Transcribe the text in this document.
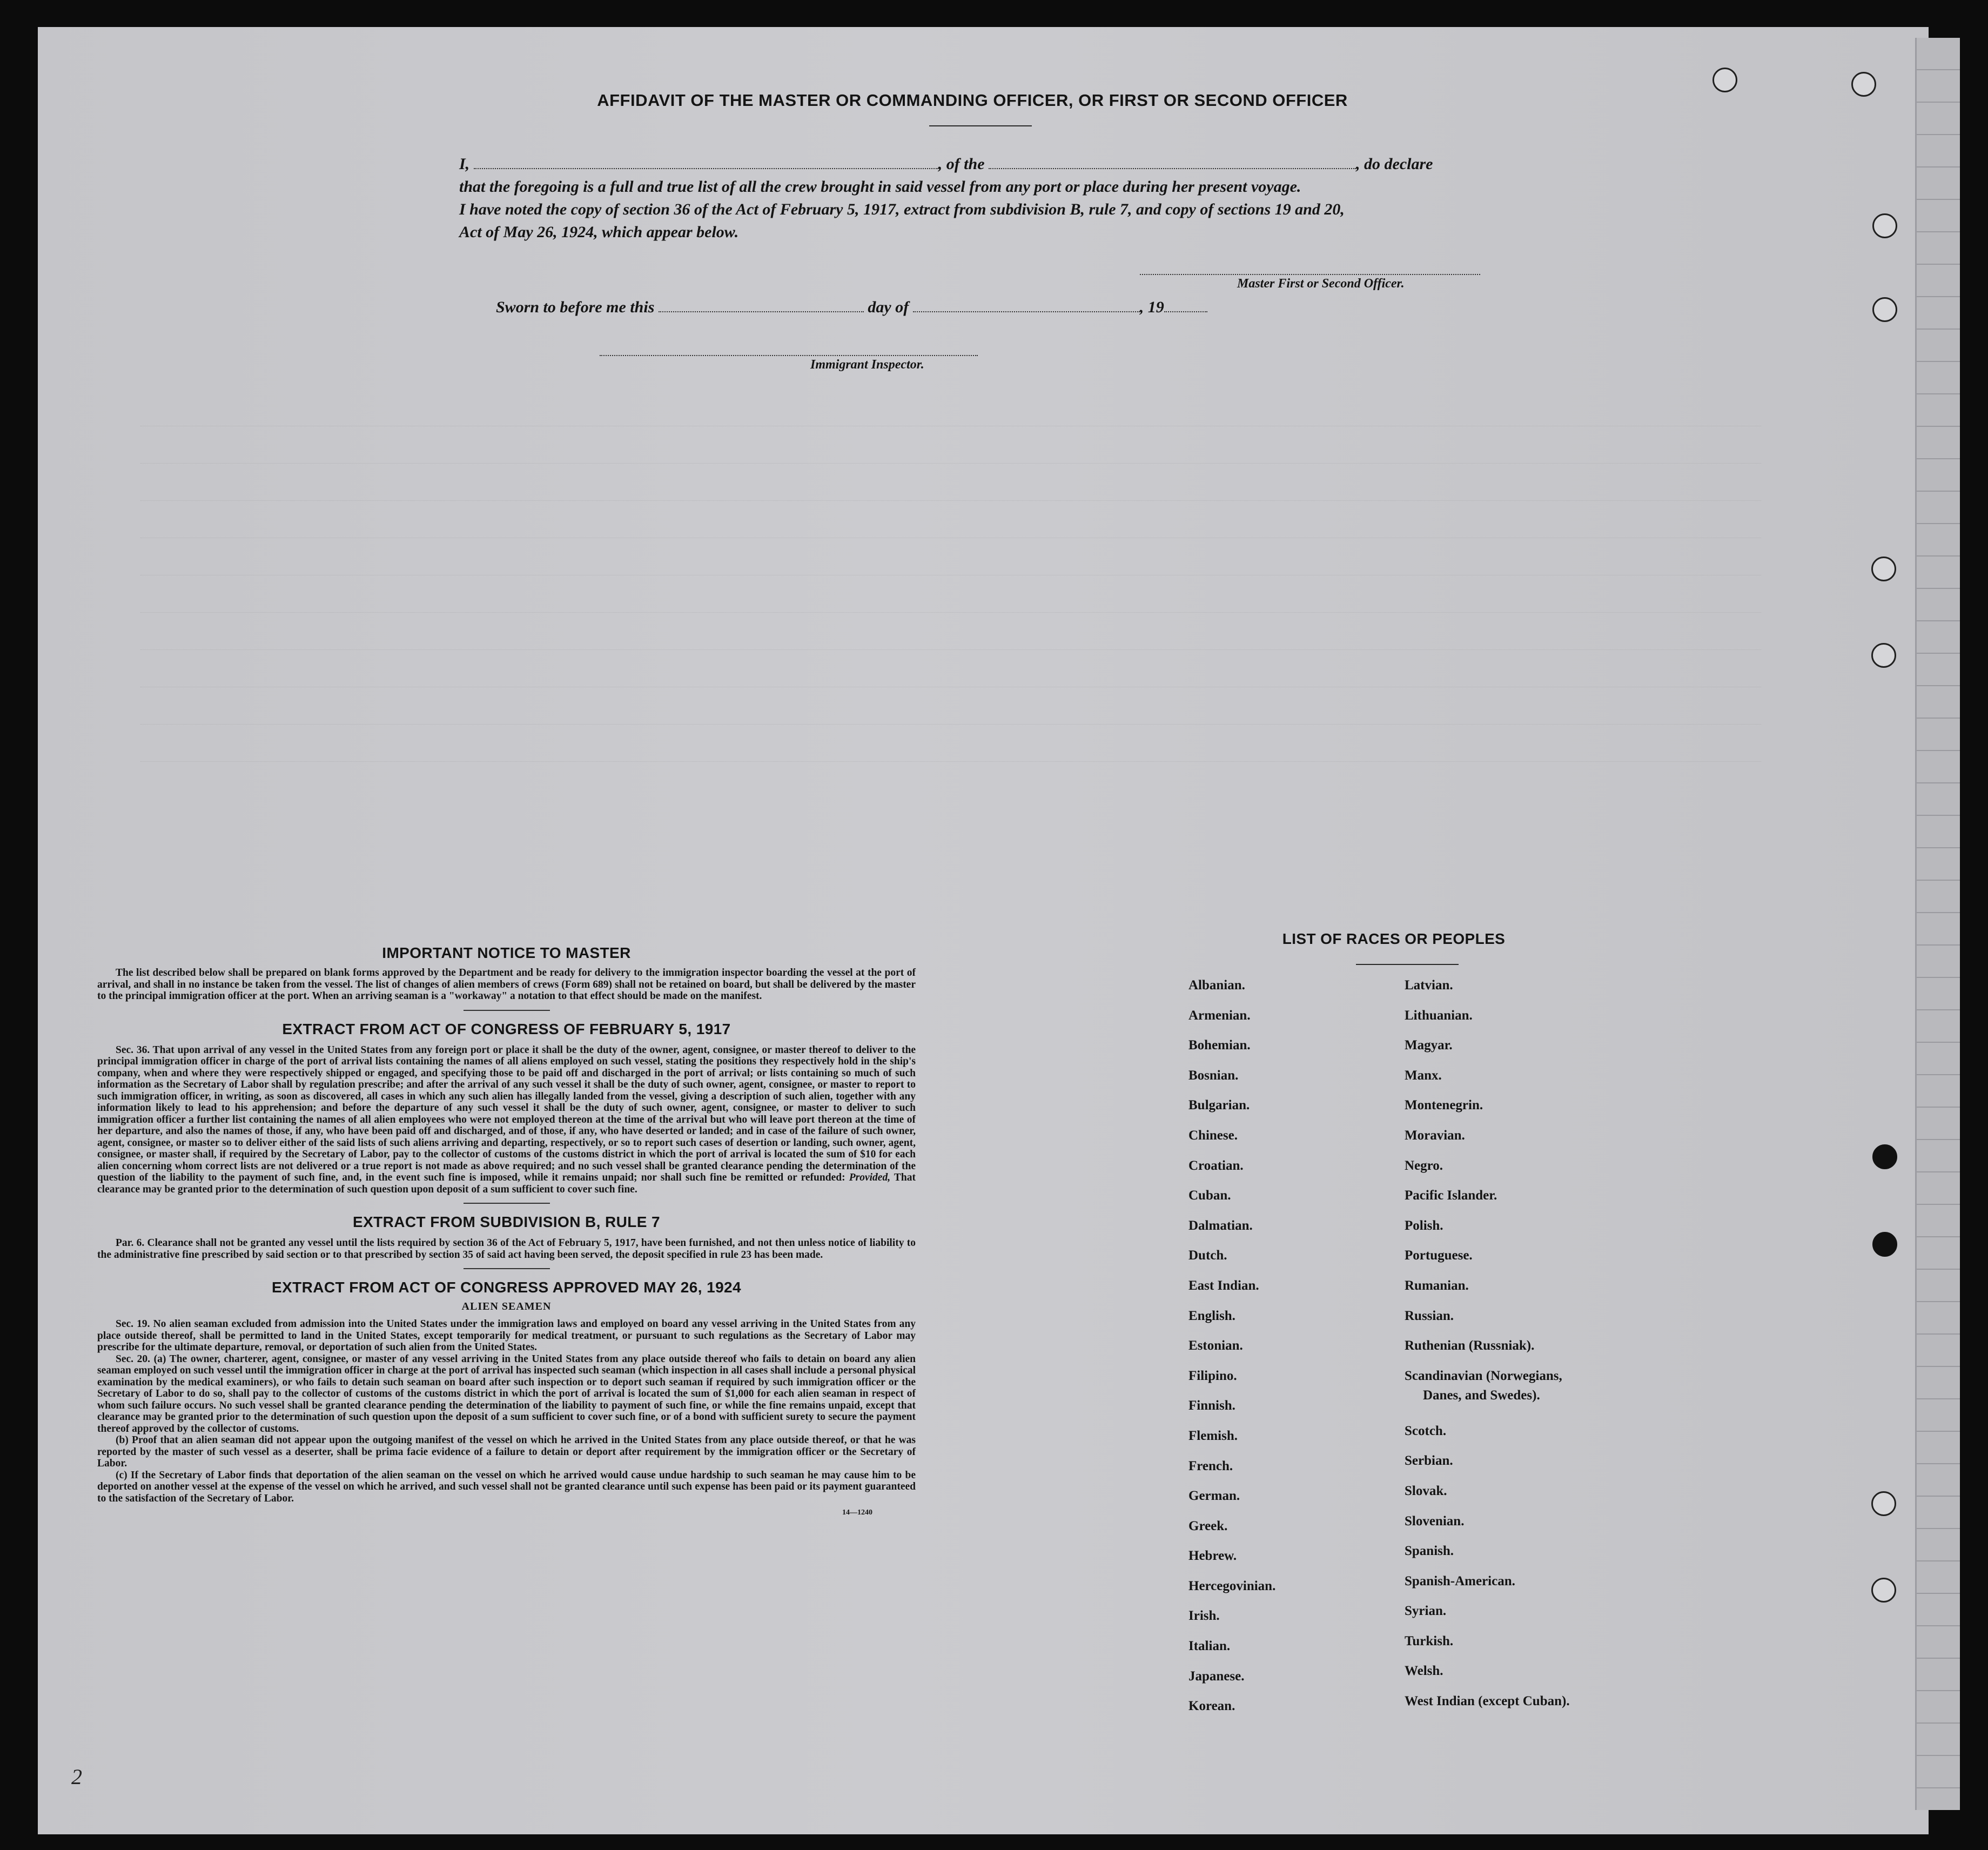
AFFIDAVIT OF THE MASTER OR COMMANDING OFFICER, OR FIRST OR SECOND OFFICER
I,	, of the	, do declare
that the foregoing is a full and true list of all the crew brought in said vessel from any port or place during her present voyage.
I have noted the copy of section 36 of the Act of February 5, 1917, extract from subdivision B, rule 7, and copy of sections 19 and 20,
Act of May 26, 1924, which appear below.
Master First or Second Officer.
Sworn to before me this	day of	, 19
Immigrant Inspector.
IMPORTANT NOTICE TO MASTER

The list described below shall be prepared on blank forms approved by the Department and be ready for delivery to the immigration inspector boarding the vessel at the port of arrival, and shall in no instance be taken from the vessel. The list of changes of alien members of crews (Form 689) shall not be retained on board, but shall be delivered by the master to the principal immigration officer at the port. When an arriving seaman is a "workaway" a notation to that effect should be made on the manifest.

EXTRACT FROM ACT OF CONGRESS OF FEBRUARY 5, 1917

Sec. 36. That upon arrival of any vessel in the United States from any foreign port or place it shall be the duty of the owner, agent, consignee, or master thereof to deliver to the principal immigration officer in charge of the port of arrival lists containing the names of all aliens employed on such vessel, stating the positions they respectively hold in the ship's company, when and where they were respectively shipped or engaged, and specifying those to be paid off and discharged in the port of arrival; or lists containing so much of such information as the Secretary of Labor shall by regulation prescribe; and after the arrival of any such vessel it shall be the duty of such owner, agent, consignee, or master to report to such immigration officer, in writing, as soon as discovered, all cases in which any such alien has illegally landed from the vessel, giving a description of such alien, together with any information likely to lead to his apprehension; and before the departure of any such vessel it shall be the duty of such owner, agent, consignee, or master to deliver to such immigration officer a further list containing the names of all alien employees who were not employed thereon at the time of the arrival but who will leave port thereon at the time of her departure, and also the names of those, if any, who have been paid off and discharged, and of those, if any, who have deserted or landed; and in case of the failure of such owner, agent, consignee, or master so to deliver either of the said lists of such aliens arriving and departing, respectively, or so to report such cases of desertion or landing, such owner, agent, consignee, or master shall, if required by the Secretary of Labor, pay to the collector of customs of the customs district in which the port of arrival is located the sum of $10 for each alien concerning whom correct lists are not delivered or a true report is not made as above required; and no such vessel shall be granted clearance pending the determination of the question of the liability to the payment of such fine, and, in the event such fine is imposed, while it remains unpaid; nor shall such fine be remitted or refunded: Provided, That clearance may be granted prior to the determination of such question upon deposit of a sum sufficient to cover such fine.

EXTRACT FROM SUBDIVISION B, RULE 7

Par. 6. Clearance shall not be granted any vessel until the lists required by section 36 of the Act of February 5, 1917, have been furnished, and not then unless notice of liability to the administrative fine prescribed by said section or to that prescribed by section 35 of said act having been served, the deposit specified in rule 23 has been made.

EXTRACT FROM ACT OF CONGRESS APPROVED MAY 26, 1924
ALIEN SEAMEN

Sec. 19. No alien seaman excluded from admission into the United States under the immigration laws and employed on board any vessel arriving in the United States from any place outside thereof, shall be permitted to land in the United States, except temporarily for medical treatment, or pursuant to such regulations as the Secretary of Labor may prescribe for the ultimate departure, removal, or deportation of such alien from the United States.

Sec. 20. (a) The owner, charterer, agent, consignee, or master of any vessel arriving in the United States from any place outside thereof who fails to detain on board any alien seaman employed on such vessel until the immigration officer in charge at the port of arrival has inspected such seaman (which inspection in all cases shall include a personal physical examination by the medical examiners), or who fails to detain such seaman on board after such inspection or to deport such seaman if required by such immigration officer or the Secretary of Labor to do so, shall pay to the collector of customs of the customs district in which the port of arrival is located the sum of $1,000 for each alien seaman in respect of whom such failure occurs. No such vessel shall be granted clearance pending the determination of the liability to payment of such fine, or while the fine remains unpaid, except that clearance may be granted prior to the determination of such question upon the deposit of a sum sufficient to cover such fine, or of a bond with sufficient surety to secure the payment thereof approved by the collector of customs.

(b) Proof that an alien seaman did not appear upon the outgoing manifest of the vessel on which he arrived in the United States from any place outside thereof, or that he was reported by the master of such vessel as a deserter, shall be prima facie evidence of a failure to detain or deport after requirement by the immigration officer or the Secretary of Labor.

(c) If the Secretary of Labor finds that deportation of the alien seaman on the vessel on which he arrived would cause undue hardship to such seaman he may cause him to be deported on another vessel at the expense of the vessel on which he arrived, and such vessel shall not be granted clearance until such expense has been paid or its payment guaranteed to the satisfaction of the Secretary of Labor.

14—1240
LIST OF RACES OR PEOPLES
Albanian.
Armenian.
Bohemian.
Bosnian.
Bulgarian.
Chinese.
Croatian.
Cuban.
Dalmatian.
Dutch.
East Indian.
English.
Estonian.
Filipino.
Finnish.
Flemish.
French.
German.
Greek.
Hebrew.
Hercegovinian.
Irish.
Italian.
Japanese.
Korean.
Latvian.
Lithuanian.
Magyar.
Manx.
Montenegrin.
Moravian.
Negro.
Pacific Islander.
Polish.
Portuguese.
Rumanian.
Russian.
Ruthenian (Russniak).
Scandinavian (Norwegians,
Danes, and Swedes).
Scotch.
Serbian.
Slovak.
Slovenian.
Spanish.
Spanish-American.
Syrian.
Turkish.
Welsh.
West Indian (except Cuban).
2
